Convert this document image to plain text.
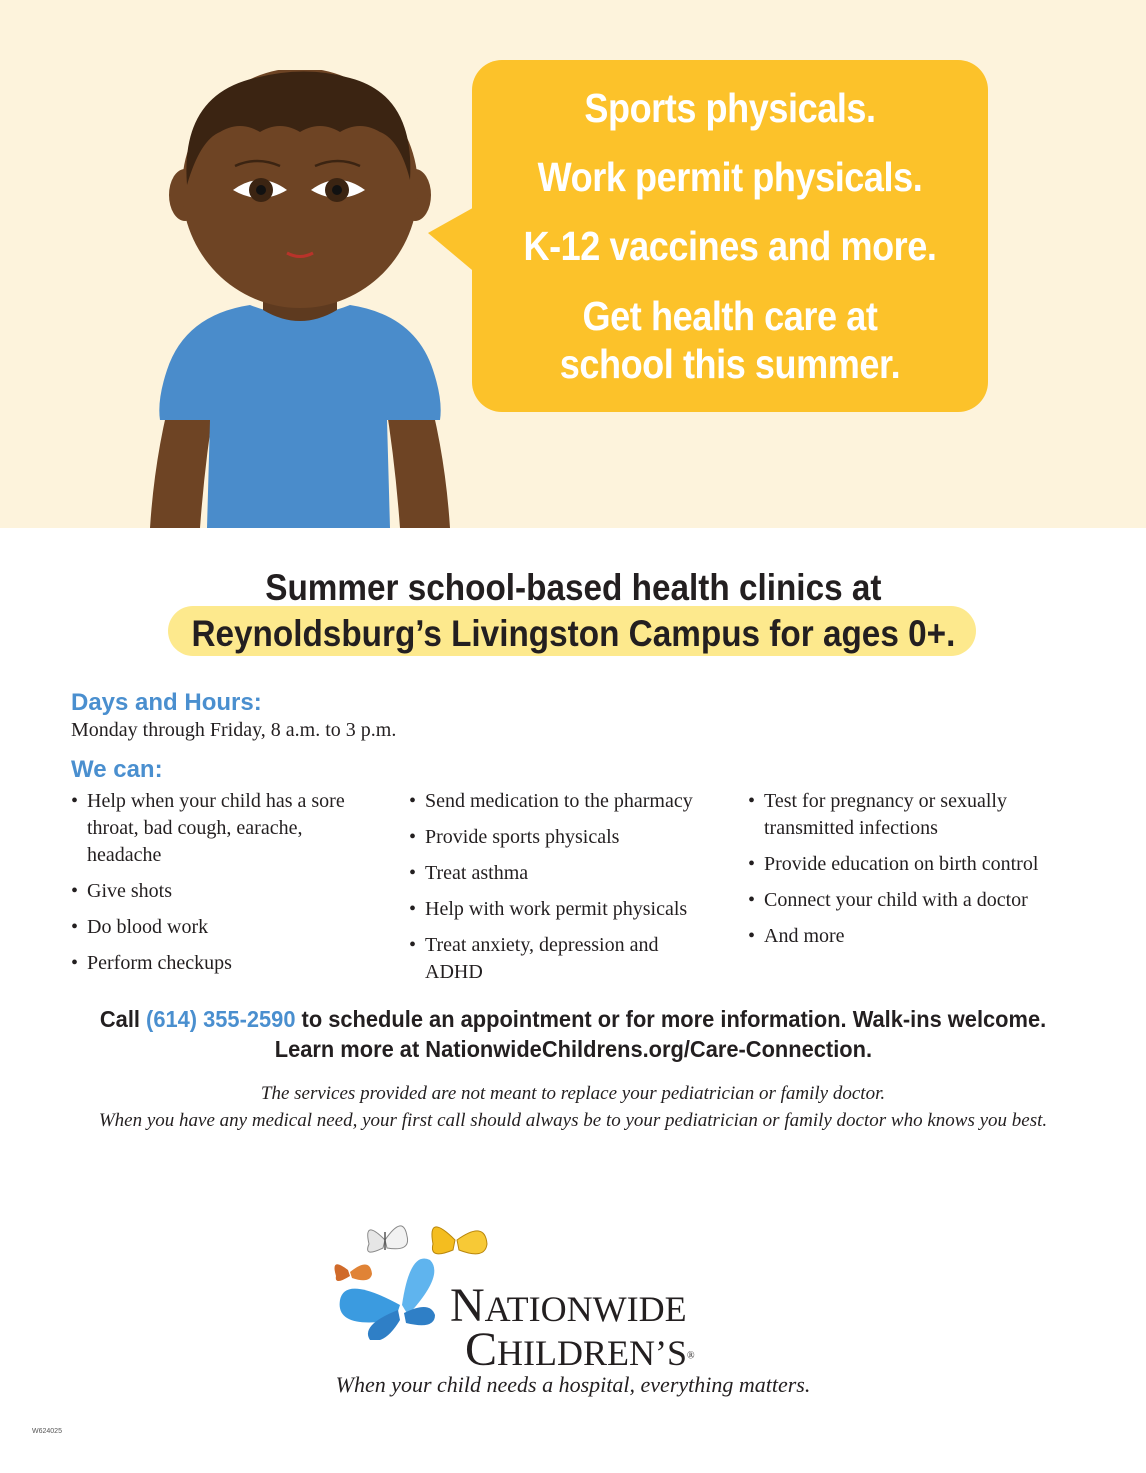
Sports physicals.
Work permit physicals.
K-12 vaccines and more.
Get health care at
school this summer.
Summer school-based health clinics at
Reynoldsburg’s Livingston Campus for ages 0+.
Days and Hours:
Monday through Friday, 8 a.m. to 3 p.m.
We can:
• Help when your child has a sore throat, bad cough, earache, headache
• Give shots
• Do blood work
• Perform checkups
• Send medication to the pharmacy
• Provide sports physicals
• Treat asthma
• Help with work permit physicals
• Treat anxiety, depression and ADHD
• Test for pregnancy or sexually transmitted infections
• Provide education on birth control
• Connect your child with a doctor
• And more
Call (614) 355-2590 to schedule an appointment or for more information. Walk-ins welcome.
Learn more at NationwideChildrens.org/Care-Connection.
The services provided are not meant to replace your pediatrician or family doctor.
When you have any medical need, your first call should always be to your pediatrician or family doctor who knows you best.
NATIONWIDE
CHILDREN’S®
When your child needs a hospital, everything matters.
W624025
